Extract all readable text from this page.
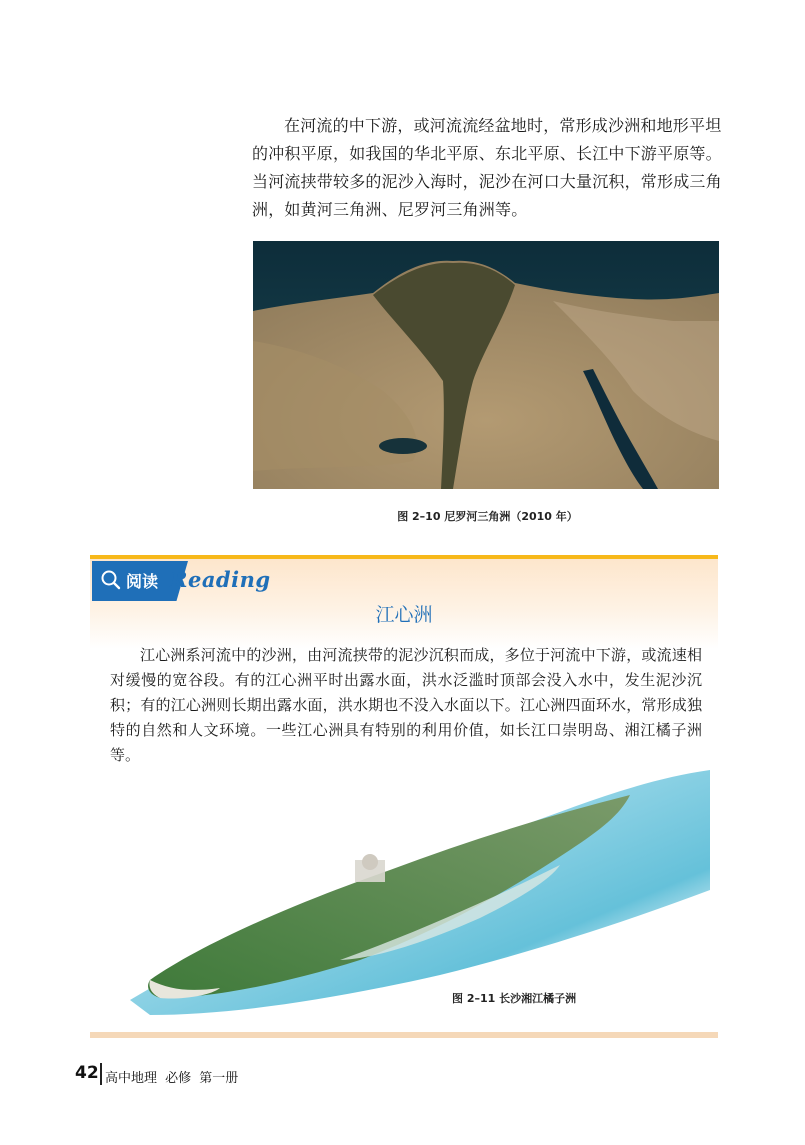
在河流的中下游，或河流流经盆地时，常形成沙洲和地形平坦的冲积平原，如我国的华北平原、东北平原、长江中下游平原等。当河流挟带较多的泥沙入海时，泥沙在河口大量沉积，常形成三角洲，如黄河三角洲、尼罗河三角洲等。

图 2–10 尼罗河三角洲（2010 年）
阅读 Reading
江心洲

江心洲系河流中的沙洲，由河流挟带的泥沙沉积而成，多位于河流中下游，或流速相对缓慢的宽谷段。有的江心洲平时出露水面，洪水泛滥时顶部会没入水中，发生泥沙沉积；有的江心洲则长期出露水面，洪水期也不没入水面以下。江心洲四面环水，常形成独特的自然和人文环境。一些江心洲具有特别的利用价值，如长江口崇明岛、湘江橘子洲等。

图 2–11 长沙湘江橘子洲
42 高中地理 必修 第一册
